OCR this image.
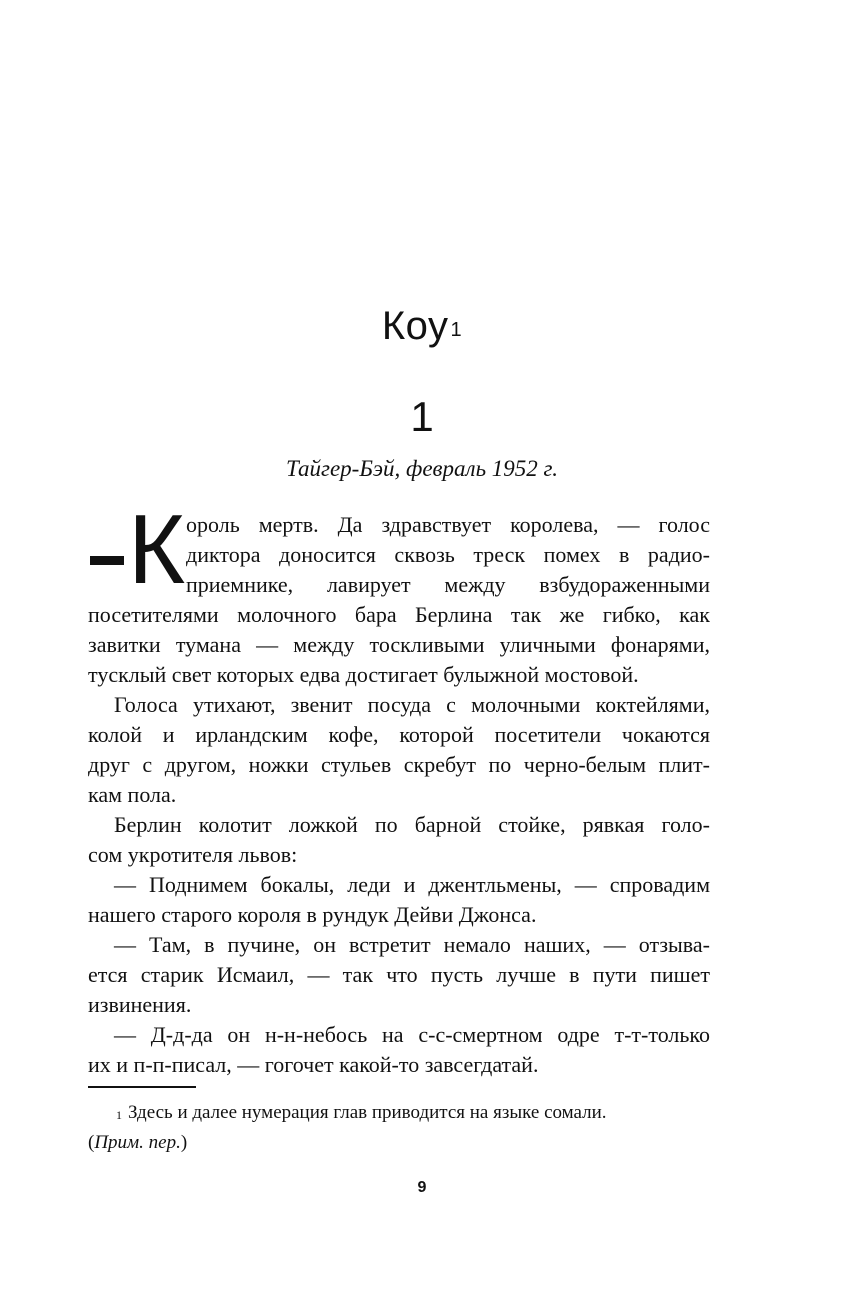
Коу $^1$
1
Тайгер-Бэй, февраль 1952 г.
К ороль мертв. Да здравствует королева, — голос
диктора доносится сквозь треск помех в радио-
приемнике, лавирует между взбудораженными
посетителями молочного бара Берлина так же гибко, как
завитки тумана — между тоскливыми уличными фонарями,
тусклый свет которых едва достигает булыжной мостовой.
Голоса утихают, звенит посуда с молочными коктейлями,
колой и ирландским кофе, которой посетители чокаются
друг с другом, ножки стульев скребут по черно-белым плит-
кам пола.
Берлин колотит ложкой по барной стойке, рявкая голо-
сом укротителя львов:
— Поднимем бокалы, леди и джентльмены, — спровадим
нашего старого короля в рундук Дейви Джонса.
— Там, в пучине, он встретит немало наших, — отзыва-
ется старик Исмаил, — так что пусть лучше в пути пишет
извинения.
— Д-д-да он н-н-небось на с-с-смертном одре т-т-только
их и п-п-писал, — гогочет какой-то завсегдатай.
$^1$ Здесь и далее нумерация глав приводится на языке сомали.
(Прим. пер.)
9
